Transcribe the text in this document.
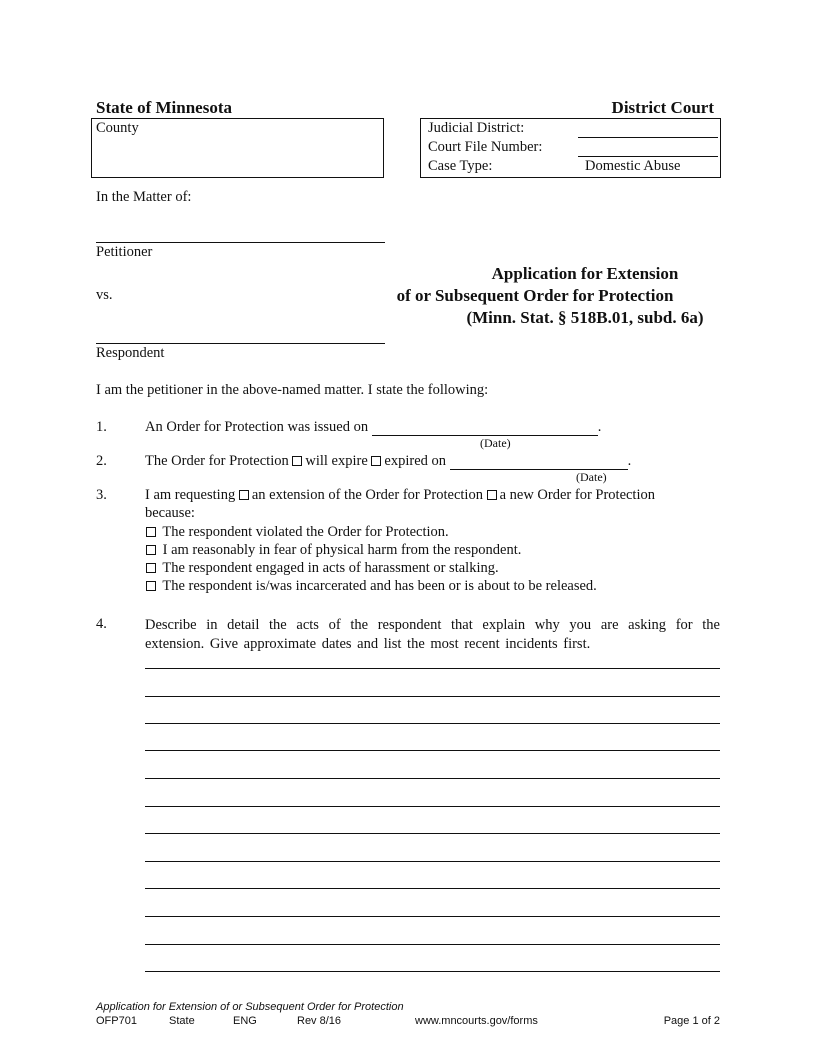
State of Minnesota	District Court
County	Judicial District:
Court File Number:
Case Type:	Domestic Abuse
In the Matter of:
Petitioner
vs.
Respondent
Application for Extension
of or Subsequent Order for Protection
(Minn. Stat. § 518B.01, subd. 6a)
I am the petitioner in the above-named matter. I state the following:
1.	An Order for Protection was issued on	.
(Date)
2.	The Order for Protection will expire expired on	.
(Date)
3.	I am requesting an extension of the Order for Protection a new Order for Protection
because:
The respondent violated the Order for Protection.
I am reasonably in fear of physical harm from the respondent.
The respondent engaged in acts of harassment or stalking.
The respondent is/was incarcerated and has been or is about to be released.
4.	Describe in detail the acts of the respondent that explain why you are asking for the extension. Give approximate dates and list the most recent incidents first.
Application for Extension of or Subsequent Order for Protection
OFP701	State	ENG	Rev 8/16	www.mncourts.gov/forms	Page 1 of 2
